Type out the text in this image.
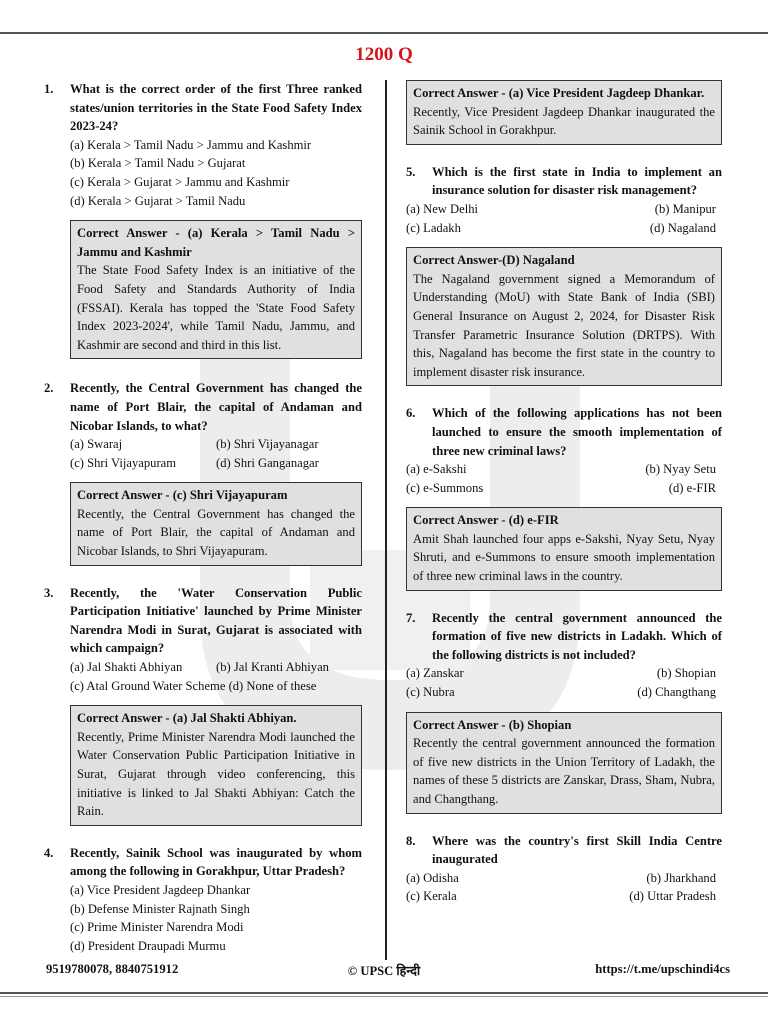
1200 Q
1. What is the correct order of the first Three ranked states/union territories in the State Food Safety Index 2023-24?
(a) Kerala > Tamil Nadu > Jammu and Kashmir
(b) Kerala > Tamil Nadu > Gujarat
(c) Kerala > Gujarat > Jammu and Kashmir
(d) Kerala > Gujarat > Tamil Nadu
Correct Answer - (a) Kerala > Tamil Nadu > Jammu and Kashmir
The State Food Safety Index is an initiative of the Food Safety and Standards Authority of India (FSSAI). Kerala has topped the 'State Food Safety Index 2023-2024', while Tamil Nadu, Jammu, and Kashmir are second and third in this list.
2. Recently, the Central Government has changed the name of Port Blair, the capital of Andaman and Nicobar Islands, to what?
(a) Swaraj	(b) Shri Vijayanagar
(c) Shri Vijayapuram	(d) Shri Ganganagar
Correct Answer - (c) Shri Vijayapuram
Recently, the Central Government has changed the name of Port Blair, the capital of Andaman and Nicobar Islands, to Shri Vijayapuram.
3. Recently, the 'Water Conservation Public Participation Initiative' launched by Prime Minister Narendra Modi in Surat, Gujarat is associated with which campaign?
(a) Jal Shakti Abhiyan	(b) Jal Kranti Abhiyan
(c) Atal Ground Water Scheme (d) None of these
Correct Answer - (a) Jal Shakti Abhiyan.
Recently, Prime Minister Narendra Modi launched the Water Conservation Public Participation Initiative in Surat, Gujarat through video conferencing, this initiative is linked to Jal Shakti Abhiyan: Catch the Rain.
4. Recently, Sainik School was inaugurated by whom among the following in Gorakhpur, Uttar Pradesh?
(a) Vice President Jagdeep Dhankar
(b) Defense Minister Rajnath Singh
(c) Prime Minister Narendra Modi
(d) President Draupadi Murmu
Correct Answer - (a) Vice President Jagdeep Dhankar.
Recently, Vice President Jagdeep Dhankar inaugurated the Sainik School in Gorakhpur.
5. Which is the first state in India to implement an insurance solution for disaster risk management?
(a) New Delhi	(b) Manipur
(c) Ladakh	(d) Nagaland
Correct Answer-(D) Nagaland
The Nagaland government signed a Memorandum of Understanding (MoU) with State Bank of India (SBI) General Insurance on August 2, 2024, for Disaster Risk Transfer Parametric Insurance Solution (DRTPS). With this, Nagaland has become the first state in the country to implement disaster risk insurance.
6. Which of the following applications has not been launched to ensure the smooth implementation of three new criminal laws?
(a) e-Sakshi	(b) Nyay Setu
(c) e-Summons	(d) e-FIR
Correct Answer - (d) e-FIR
Amit Shah launched four apps e-Sakshi, Nyay Setu, Nyay Shruti, and e-Summons to ensure smooth implementation of three new criminal laws in the country.
7. Recently the central government announced the formation of five new districts in Ladakh. Which of the following districts is not included?
(a) Zanskar	(b) Shopian
(c) Nubra	(d) Changthang
Correct Answer - (b) Shopian
Recently the central government announced the formation of five new districts in the Union Territory of Ladakh, the names of these 5 districts are Zanskar, Drass, Sham, Nubra, and Changthang.
8. Where was the country's first Skill India Centre inaugurated
(a) Odisha	(b) Jharkhand
(c) Kerala	(d) Uttar Pradesh
9519780078, 8840751912	© UPSC हिन्दी	https://t.me/upschindi4cs
